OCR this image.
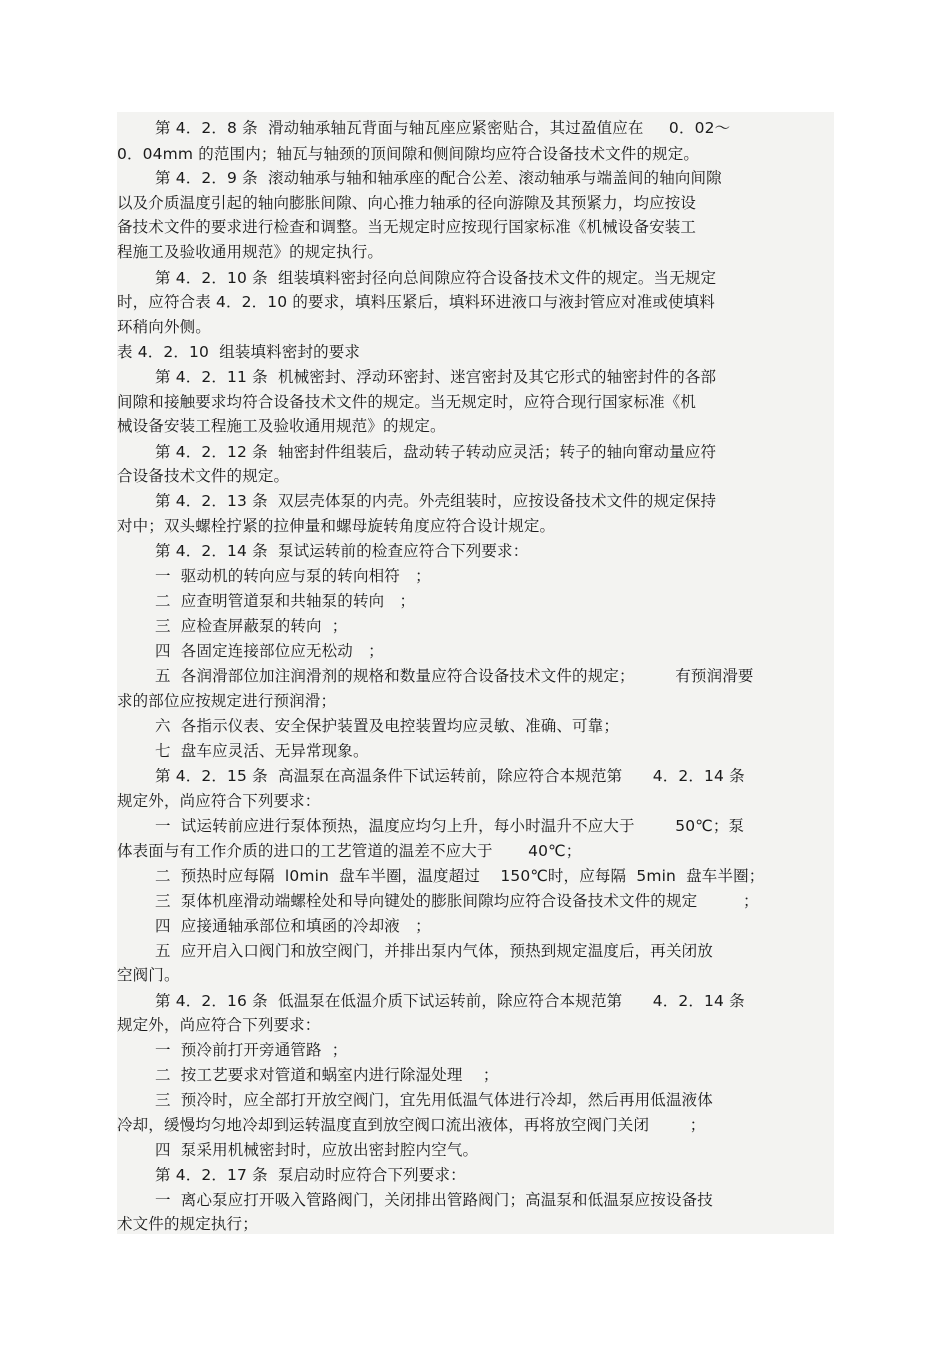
第 4．2．8 条  滑动轴承轴瓦背面与轴瓦座应紧密贴合，其过盈值应在     0．02～
0．04mm 的范围内；轴瓦与轴颈的顶间隙和侧间隙均应符合设备技术文件的规定。
第 4．2．9 条  滚动轴承与轴和轴承座的配合公差、滚动轴承与端盖间的轴向间隙
以及介质温度引起的轴向膨胀间隙、向心推力轴承的径向游隙及其预紧力，均应按设
备技术文件的要求进行检查和调整。当无规定时应按现行国家标准《机械设备安装工
程施工及验收通用规范》的规定执行。
第 4．2．10 条  组装填料密封径向总间隙应符合设备技术文件的规定。当无规定
时，应符合表 4．2．10 的要求，填料压紧后，填料环进液口与液封管应对准或使填料
环稍向外侧。
表 4．2．10  组装填料密封的要求
第 4．2．11 条  机械密封、浮动环密封、迷宫密封及其它形式的轴密封件的各部
间隙和接触要求均符合设备技术文件的规定。当无规定时，应符合现行国家标准《机
械设备安装工程施工及验收通用规范》的规定。
第 4．2．12 条  轴密封件组装后，盘动转子转动应灵活；转子的轴向窜动量应符
合设备技术文件的规定。
第 4．2．13 条  双层壳体泵的内壳。外壳组装时，应按设备技术文件的规定保持
对中；双头螺栓拧紧的拉伸量和螺母旋转角度应符合设计规定。
第 4．2．14 条  泵试运转前的检查应符合下列要求：
一  驱动机的转向应与泵的转向相符   ；
二  应查明管道泵和共轴泵的转向   ；
三  应检查屏蔽泵的转向  ；
四  各固定连接部位应无松动   ；
五  各润滑部位加注润滑剂的规格和数量应符合设备技术文件的规定；        有预润滑要
求的部位应按规定进行预润滑；
六  各指示仪表、安全保护装置及电控装置均应灵敏、准确、可靠；
七  盘车应灵活、无异常现象。
第 4．2．15 条  高温泵在高温条件下试运转前，除应符合本规范第      4．2．14 条
规定外，尚应符合下列要求：
一  试运转前应进行泵体预热，温度应均匀上升，每小时温升不应大于        50℃；泵
体表面与有工作介质的进口的工艺管道的温差不应大于       40℃；
二  预热时应每隔  l0min  盘车半圈，温度超过    150℃时，应每隔  5min  盘车半圈；
三  泵体机座滑动端螺栓处和导向键处的膨胀间隙均应符合设备技术文件的规定         ；
四  应接通轴承部位和填函的冷却液   ；
五  应开启入口阀门和放空阀门，并排出泵内气体，预热到规定温度后，再关闭放
空阀门。
第 4．2．16 条  低温泵在低温介质下试运转前，除应符合本规范第      4．2．14 条
规定外，尚应符合下列要求：
一  预冷前打开旁通管路  ；
二  按工艺要求对管道和蜗室内进行除湿处理    ；
三  预冷时，应全部打开放空阀门，宜先用低温气体进行冷却，然后再用低温液体
冷却，缓慢均匀地冷却到运转温度直到放空阀口流出液体，再将放空阀门关闭        ；
四  泵采用机械密封时，应放出密封腔内空气。
第 4．2．17 条  泵启动时应符合下列要求：
一  离心泵应打开吸入管路阀门，关闭排出管路阀门；高温泵和低温泵应按设备技
术文件的规定执行；
